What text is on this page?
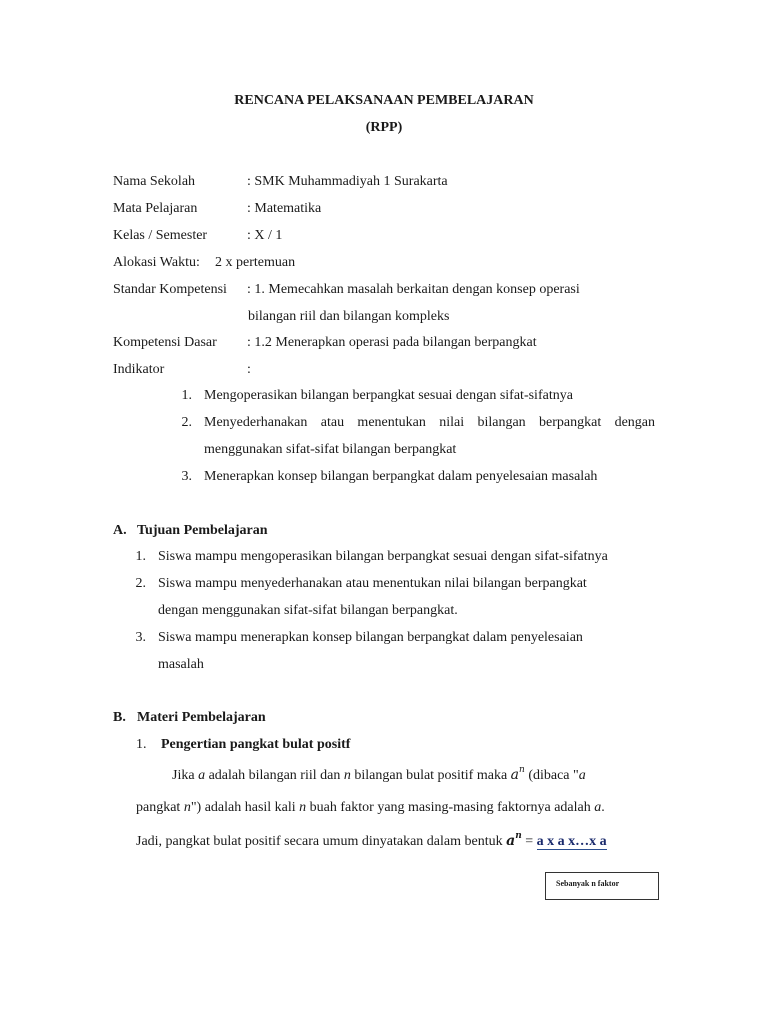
RENCANA PELAKSANAAN PEMBELAJARAN
(RPP)
Nama Sekolah	: SMK Muhammadiyah 1 Surakarta
Mata Pelajaran	: Matematika
Kelas / Semester	: X / 1
Alokasi Waktu: 2 x pertemuan
Standar Kompetensi : 1. Memecahkan masalah berkaitan dengan konsep operasi
bilangan riil dan bilangan kompleks
Kompetensi Dasar : 1.2 Menerapkan operasi pada bilangan berpangkat
Indikator	:
1. Mengoperasikan bilangan berpangkat sesuai dengan sifat-sifatnya
2. Menyederhanakan atau menentukan nilai bilangan berpangkat dengan
menggunakan sifat-sifat bilangan berpangkat
3. Menerapkan konsep bilangan berpangkat dalam penyelesaian masalah
A. Tujuan Pembelajaran
1. Siswa mampu mengoperasikan bilangan berpangkat sesuai dengan sifat-sifatnya
2. Siswa mampu menyederhanakan atau menentukan nilai bilangan berpangkat
dengan menggunakan sifat-sifat bilangan berpangkat.
3. Siswa mampu menerapkan konsep bilangan berpangkat dalam penyelesaian
masalah
B. Materi Pembelajaran
1. Pengertian pangkat bulat positf
Jika a adalah bilangan riil dan n bilangan bulat positif maka $a^n$ (dibaca "a
pangkat n") adalah hasil kali n buah faktor yang masing-masing faktornya adalah a.
Jadi, pangkat bulat positif secara umum dinyatakan dalam bentuk $a^n = a$ x a x…x a
Sebanyak n faktor
